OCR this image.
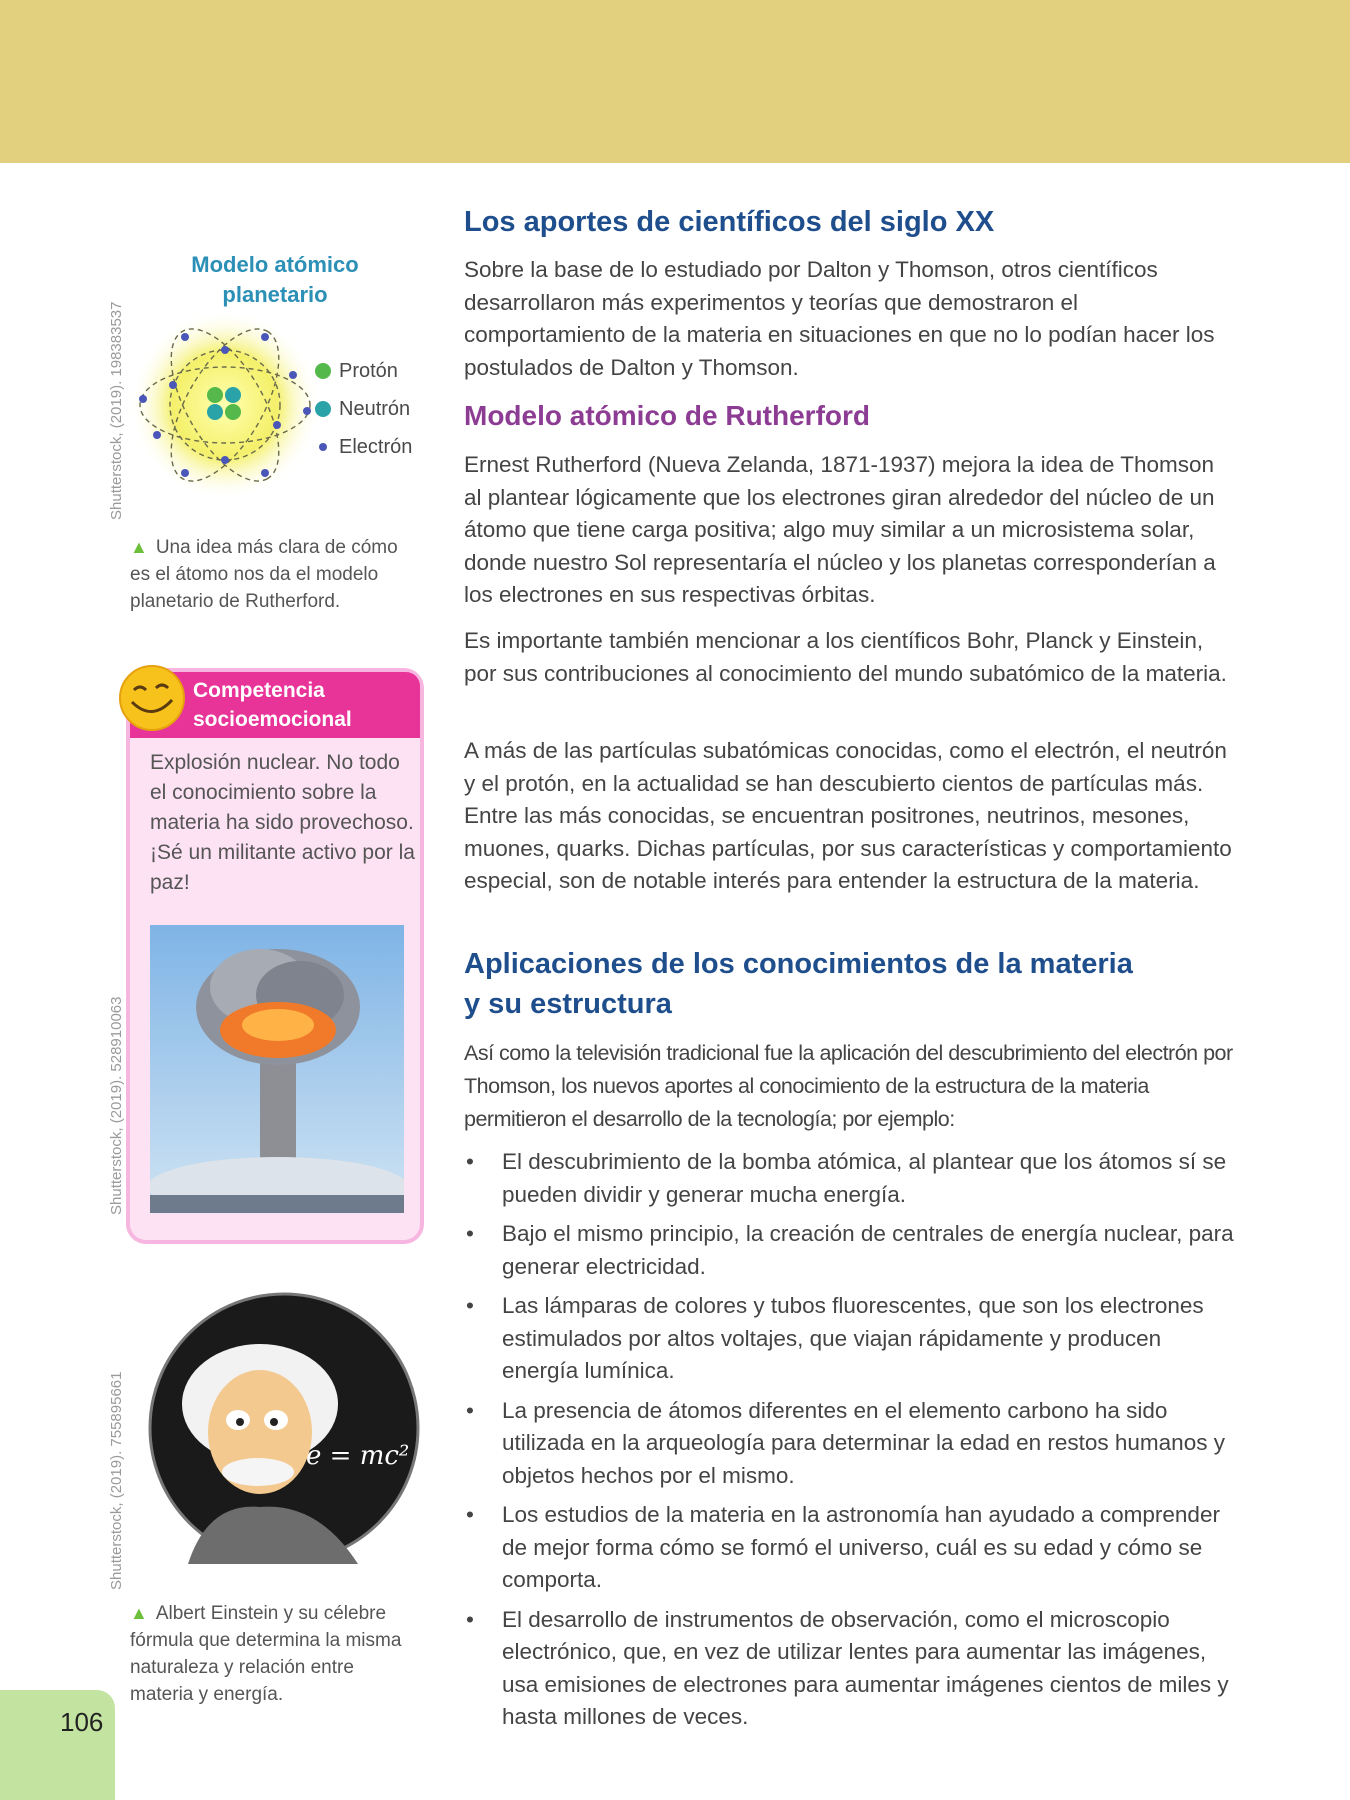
Shutterstock, (2019). 198383537
Shutterstock, (2019). 528910063
Shutterstock, (2019). 755895661
Modelo atómico
planetario
Protón
Neutrón
Electrón
▲ Una idea más clara de cómo es el átomo nos da el modelo planetario de Rutherford.
Competencia
socioemocional
Explosión nuclear. No todo el conocimiento sobre la materia ha sido provechoso. ¡Sé un militante activo por la paz!
e = mc²
▲ Albert Einstein y su célebre fórmula que determina la misma naturaleza y relación entre materia y energía.
Los aportes de científicos del siglo XX
Sobre la base de lo estudiado por Dalton y Thomson, otros científicos desarrollaron más experimentos y teorías que demostraron el comportamiento de la materia en situaciones en que no lo podían hacer los postulados de Dalton y Thomson.
Modelo atómico de Rutherford
Ernest Rutherford (Nueva Zelanda, 1871-1937) mejora la idea de Thomson al plantear lógicamente que los electrones giran alrededor del núcleo de un átomo que tiene carga positiva; algo muy similar a un microsistema solar, donde nuestro Sol representaría el núcleo y los planetas corresponderían a los electrones en sus respectivas órbitas.
Es importante también mencionar a los científicos Bohr, Planck y Einstein, por sus contribuciones al conocimiento del mundo subatómico de la materia.
A más de las partículas subatómicas conocidas, como el electrón, el neutrón y el protón, en la actualidad se han descubierto cientos de partículas más. Entre las más conocidas, se encuentran positrones, neutrinos, mesones, muones, quarks. Dichas partículas, por sus características y comportamiento especial, son de notable interés para entender la estructura de la materia.
Aplicaciones de los conocimientos de la materia
y su estructura
Así como la televisión tradicional fue la aplicación del descubrimiento del electrón por Thomson, los nuevos aportes al conocimiento de la estructura de la materia permitieron el desarrollo de la tecnología; por ejemplo:
• El descubrimiento de la bomba atómica, al plantear que los átomos sí se pueden dividir y generar mucha energía.
• Bajo el mismo principio, la creación de centrales de energía nuclear, para generar electricidad.
• Las lámparas de colores y tubos fluorescentes, que son los electrones estimulados por altos voltajes, que viajan rápidamente y producen energía lumínica.
• La presencia de átomos diferentes en el elemento carbono ha sido utilizada en la arqueología para determinar la edad en restos humanos y objetos hechos por el mismo.
• Los estudios de la materia en la astronomía han ayudado a comprender de mejor forma cómo se formó el universo, cuál es su edad y cómo se comporta.
• El desarrollo de instrumentos de observación, como el microscopio electrónico, que, en vez de utilizar lentes para aumentar las imágenes, usa emisiones de electrones para aumentar imágenes cientos de miles y hasta millones de veces.
106
